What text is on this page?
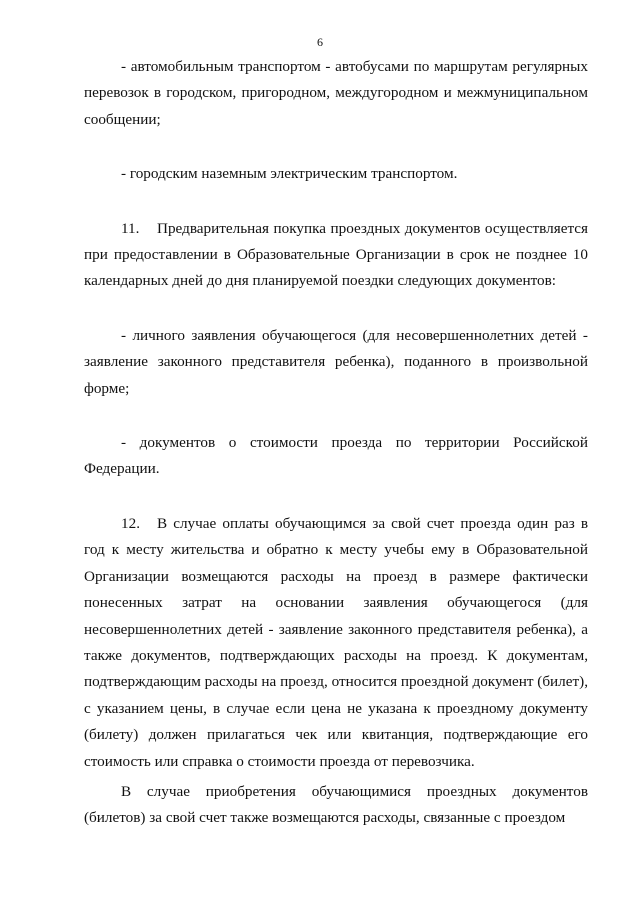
6

- автомобильным транспортом - автобусами по маршрутам регулярных перевозок в городском, пригородном, междугородном и межмуниципальном сообщении;

- городским наземным электрическим транспортом.

11. Предварительная покупка проездных документов осуществляется при предоставлении в Образовательные Организации в срок не позднее 10 календарных дней до дня планируемой поездки следующих документов:

- личного заявления обучающегося (для несовершеннолетних детей - заявление законного представителя ребенка), поданного в произвольной форме;

- документов о стоимости проезда по территории Российской Федерации.

12. В случае оплаты обучающимся за свой счет проезда один раз в год к месту жительства и обратно к месту учебы ему в Образовательной Организации возмещаются расходы на проезд в размере фактически понесенных затрат на основании заявления обучающегося (для несовершеннолетних детей - заявление законного представителя ребенка), а также документов, подтверждающих расходы на проезд. К документам, подтверждающим расходы на проезд, относится проездной документ (билет), с указанием цены, в случае если цена не указана к проездному документу (билету) должен прилагаться чек или квитанция, подтверждающие его стоимость или справка о стоимости проезда от перевозчика.

В случае приобретения обучающимися проездных документов (билетов) за свой счет также возмещаются расходы, связанные с проездом
